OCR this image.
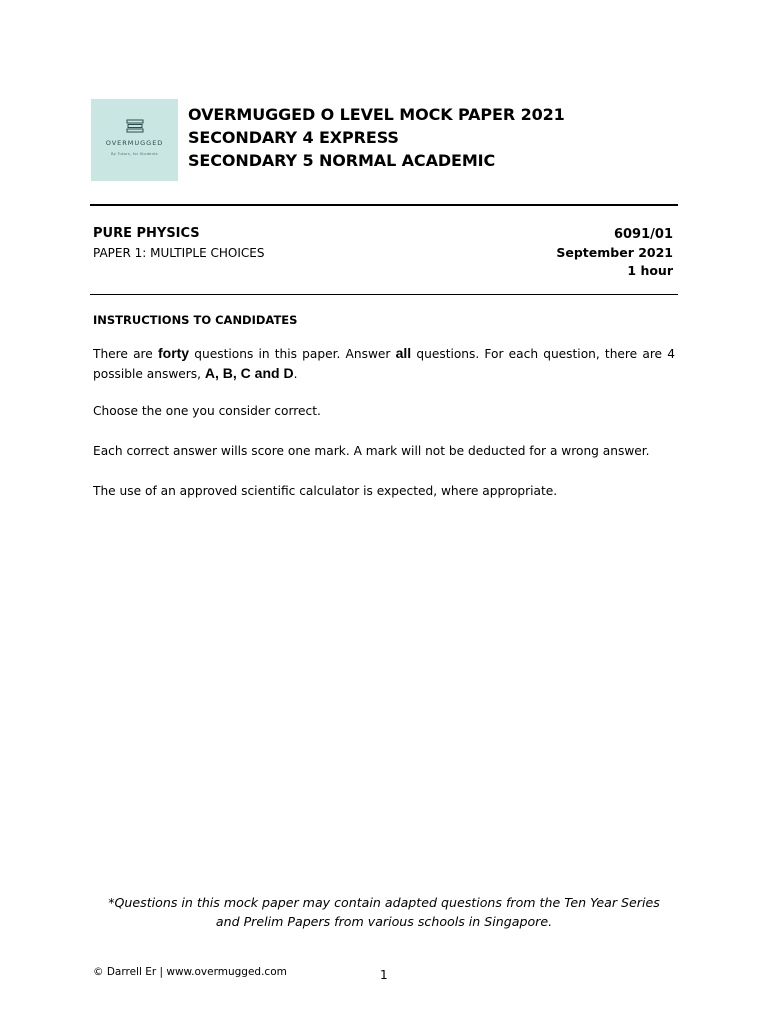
OVERMUGGED
By Tutors, for Students
OVERMUGGED O LEVEL MOCK PAPER 2021
SECONDARY 4 EXPRESS
SECONDARY 5 NORMAL ACADEMIC
PURE PHYSICS
PAPER 1: MULTIPLE CHOICES
6091/01
September 2021
1 hour
INSTRUCTIONS TO CANDIDATES
There are forty questions in this paper. Answer all questions. For each question, there are 4 possible answers, A, B, C and D.
Choose the one you consider correct.
Each correct answer wills score one mark. A mark will not be deducted for a wrong answer.
The use of an approved scientific calculator is expected, where appropriate.
*Questions in this mock paper may contain adapted questions from the Ten Year Series
and Prelim Papers from various schools in Singapore.
© Darrell Er | www.overmugged.com	1
